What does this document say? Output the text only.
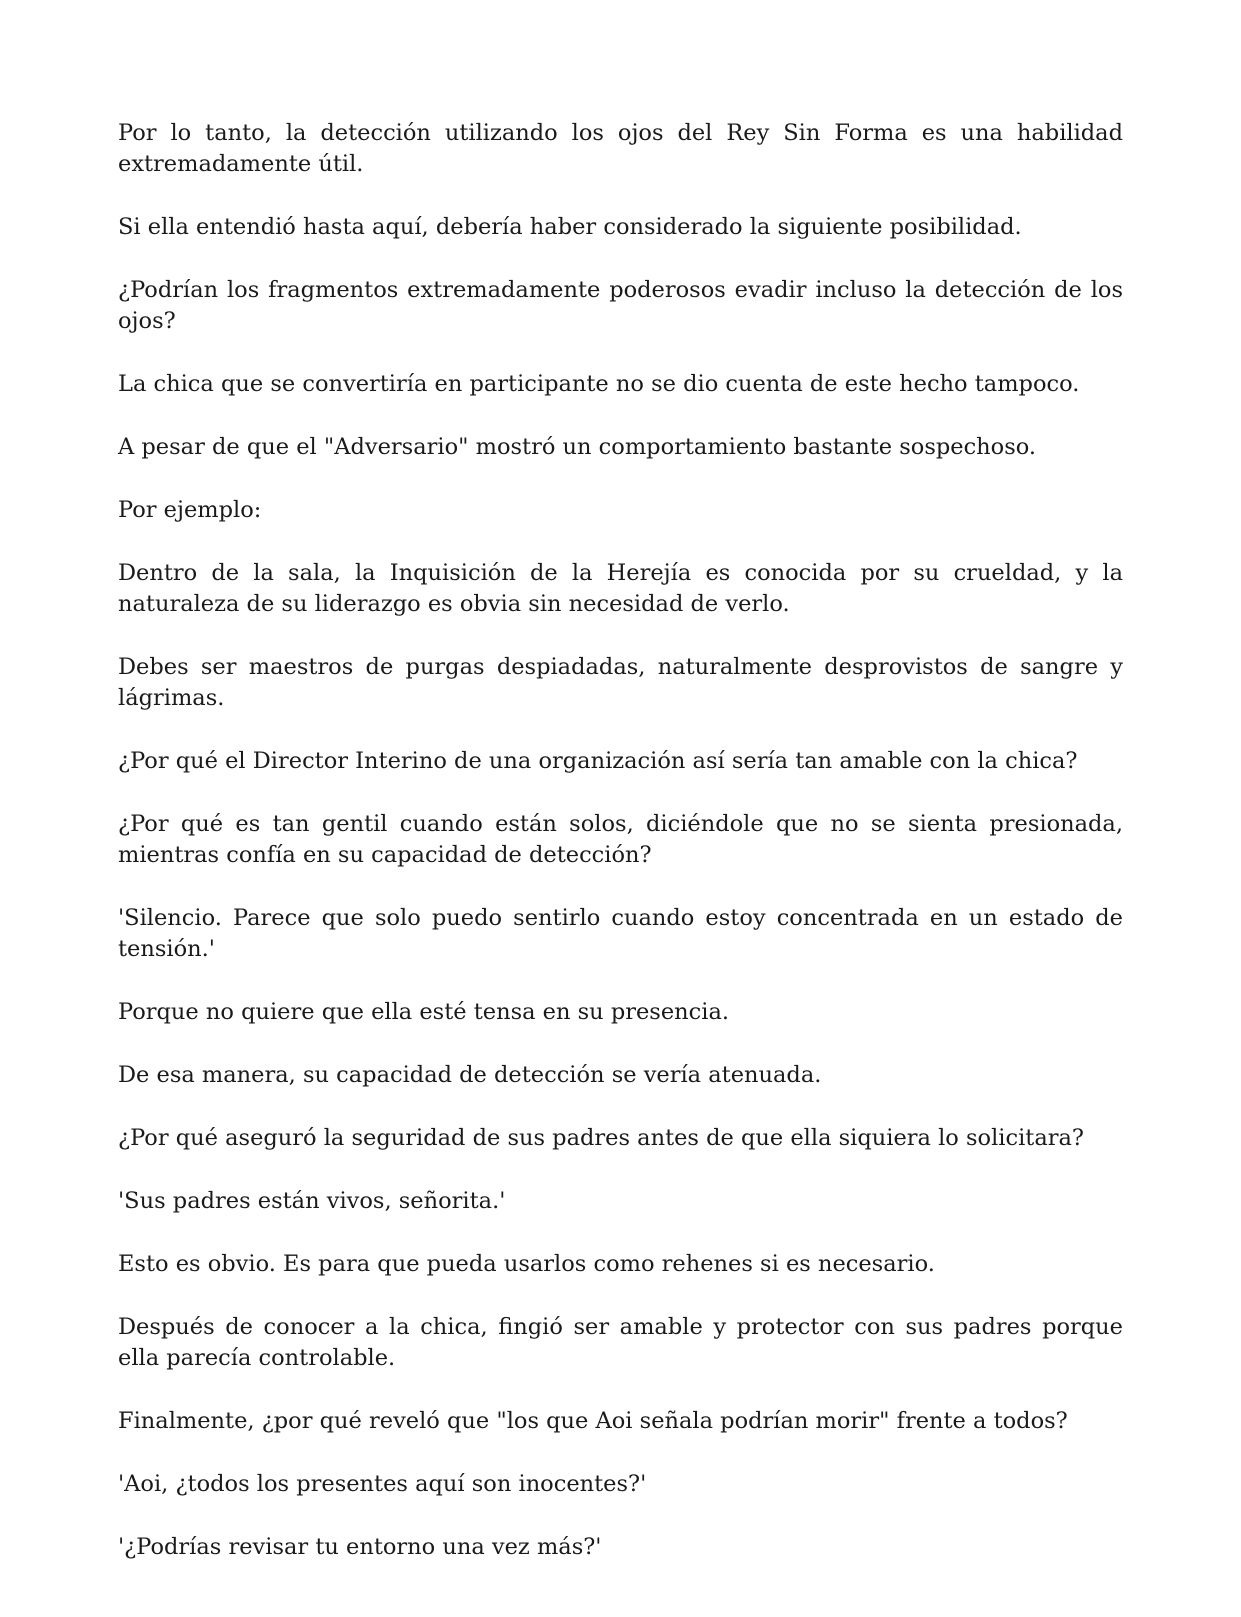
Por lo tanto, la detección utilizando los ojos del Rey Sin Forma es una habilidad extremadamente útil.

Si ella entendió hasta aquí, debería haber considerado la siguiente posibilidad.

¿Podrían los fragmentos extremadamente poderosos evadir incluso la detección de los ojos?

La chica que se convertiría en participante no se dio cuenta de este hecho tampoco.

A pesar de que el "Adversario" mostró un comportamiento bastante sospechoso.

Por ejemplo:

Dentro de la sala, la Inquisición de la Herejía es conocida por su crueldad, y la naturaleza de su liderazgo es obvia sin necesidad de verlo.

Debes ser maestros de purgas despiadadas, naturalmente desprovistos de sangre y lágrimas.

¿Por qué el Director Interino de una organización así sería tan amable con la chica?

¿Por qué es tan gentil cuando están solos, diciéndole que no se sienta presionada, mientras confía en su capacidad de detección?

'Silencio. Parece que solo puedo sentirlo cuando estoy concentrada en un estado de tensión.'

Porque no quiere que ella esté tensa en su presencia.

De esa manera, su capacidad de detección se vería atenuada.

¿Por qué aseguró la seguridad de sus padres antes de que ella siquiera lo solicitara?

'Sus padres están vivos, señorita.'

Esto es obvio. Es para que pueda usarlos como rehenes si es necesario.

Después de conocer a la chica, fingió ser amable y protector con sus padres porque ella parecía controlable.

Finalmente, ¿por qué reveló que "los que Aoi señala podrían morir" frente a todos?

'Aoi, ¿todos los presentes aquí son inocentes?'

'¿Podrías revisar tu entorno una vez más?'
